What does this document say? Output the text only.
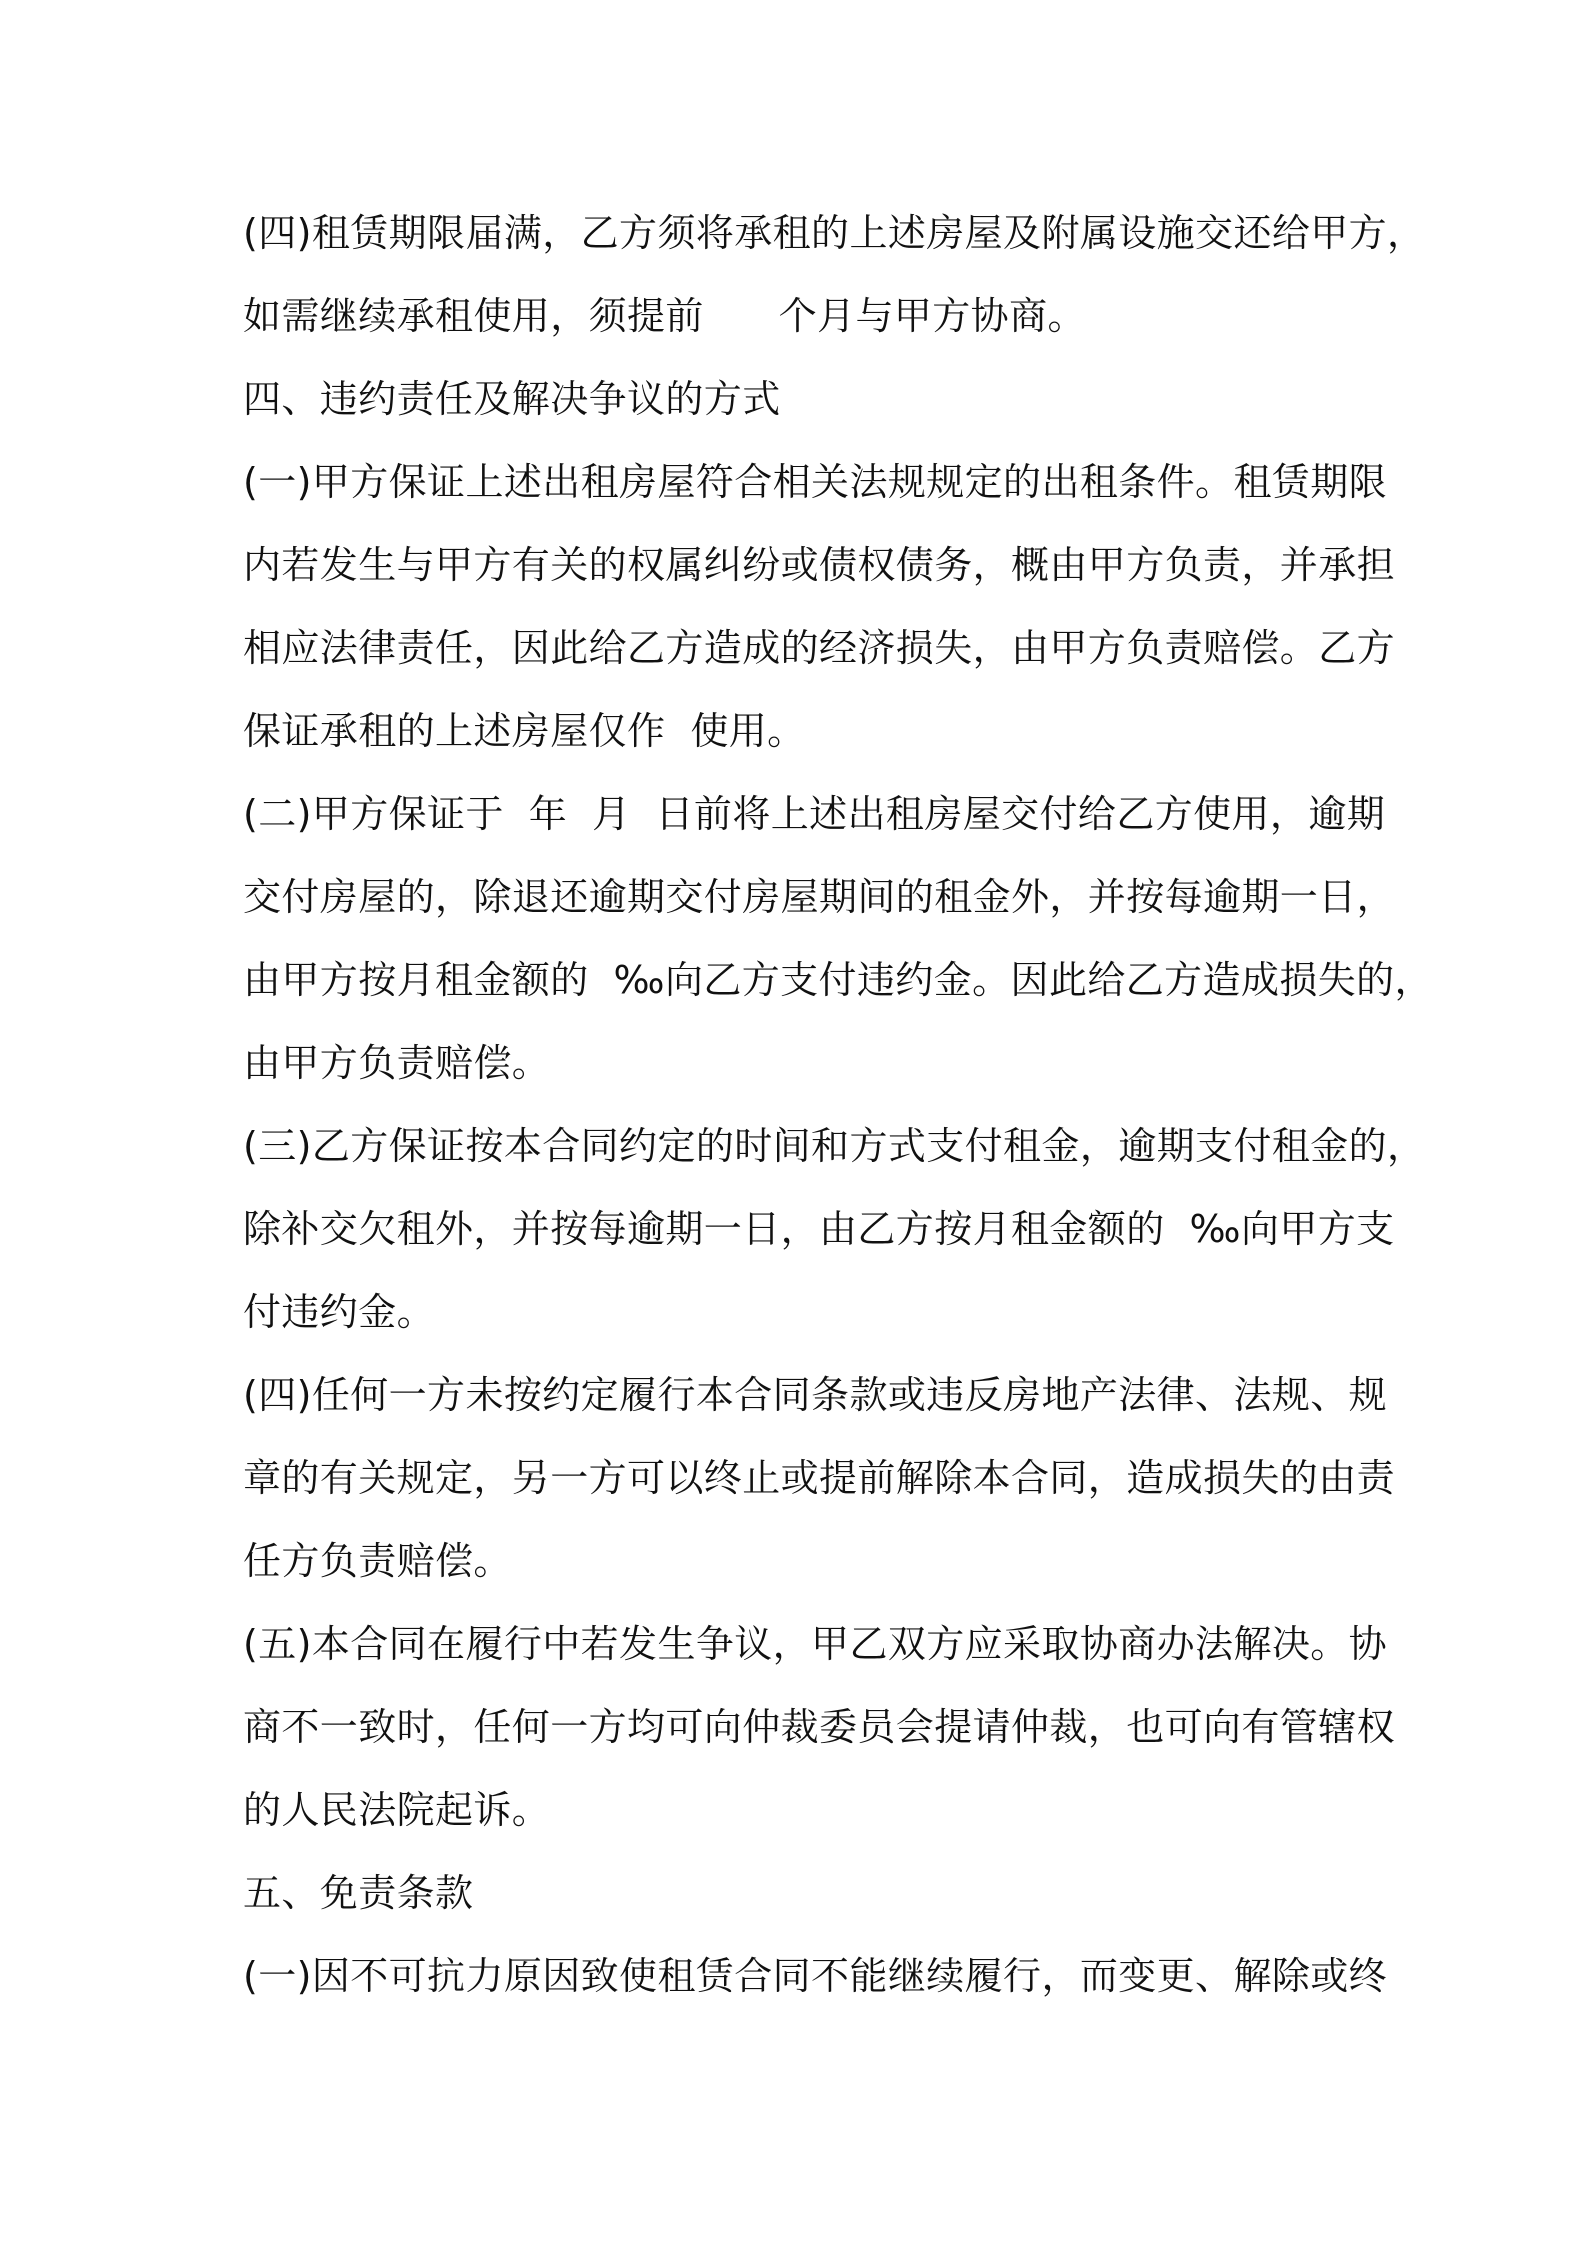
(四)租赁期限届满，乙方须将承租的上述房屋及附属设施交还给甲方，
如需继续承租使用，须提前      个月与甲方协商。
四、违约责任及解决争议的方式
(一)甲方保证上述出租房屋符合相关法规规定的出租条件。租赁期限
内若发生与甲方有关的权属纠纷或债权债务，概由甲方负责，并承担
相应法律责任，因此给乙方造成的经济损失，由甲方负责赔偿。乙方
保证承租的上述房屋仅作  使用。
(二)甲方保证于  年  月  日前将上述出租房屋交付给乙方使用，逾期
交付房屋的，除退还逾期交付房屋期间的租金外，并按每逾期一日，
由甲方按月租金额的  ‰向乙方支付违约金。因此给乙方造成损失的，
由甲方负责赔偿。
(三)乙方保证按本合同约定的时间和方式支付租金，逾期支付租金的，
除补交欠租外，并按每逾期一日，由乙方按月租金额的  ‰向甲方支
付违约金。
(四)任何一方未按约定履行本合同条款或违反房地产法律、法规、规
章的有关规定，另一方可以终止或提前解除本合同，造成损失的由责
任方负责赔偿。
(五)本合同在履行中若发生争议，甲乙双方应采取协商办法解决。协
商不一致时，任何一方均可向仲裁委员会提请仲裁，也可向有管辖权
的人民法院起诉。
五、免责条款
(一)因不可抗力原因致使租赁合同不能继续履行，而变更、解除或终
